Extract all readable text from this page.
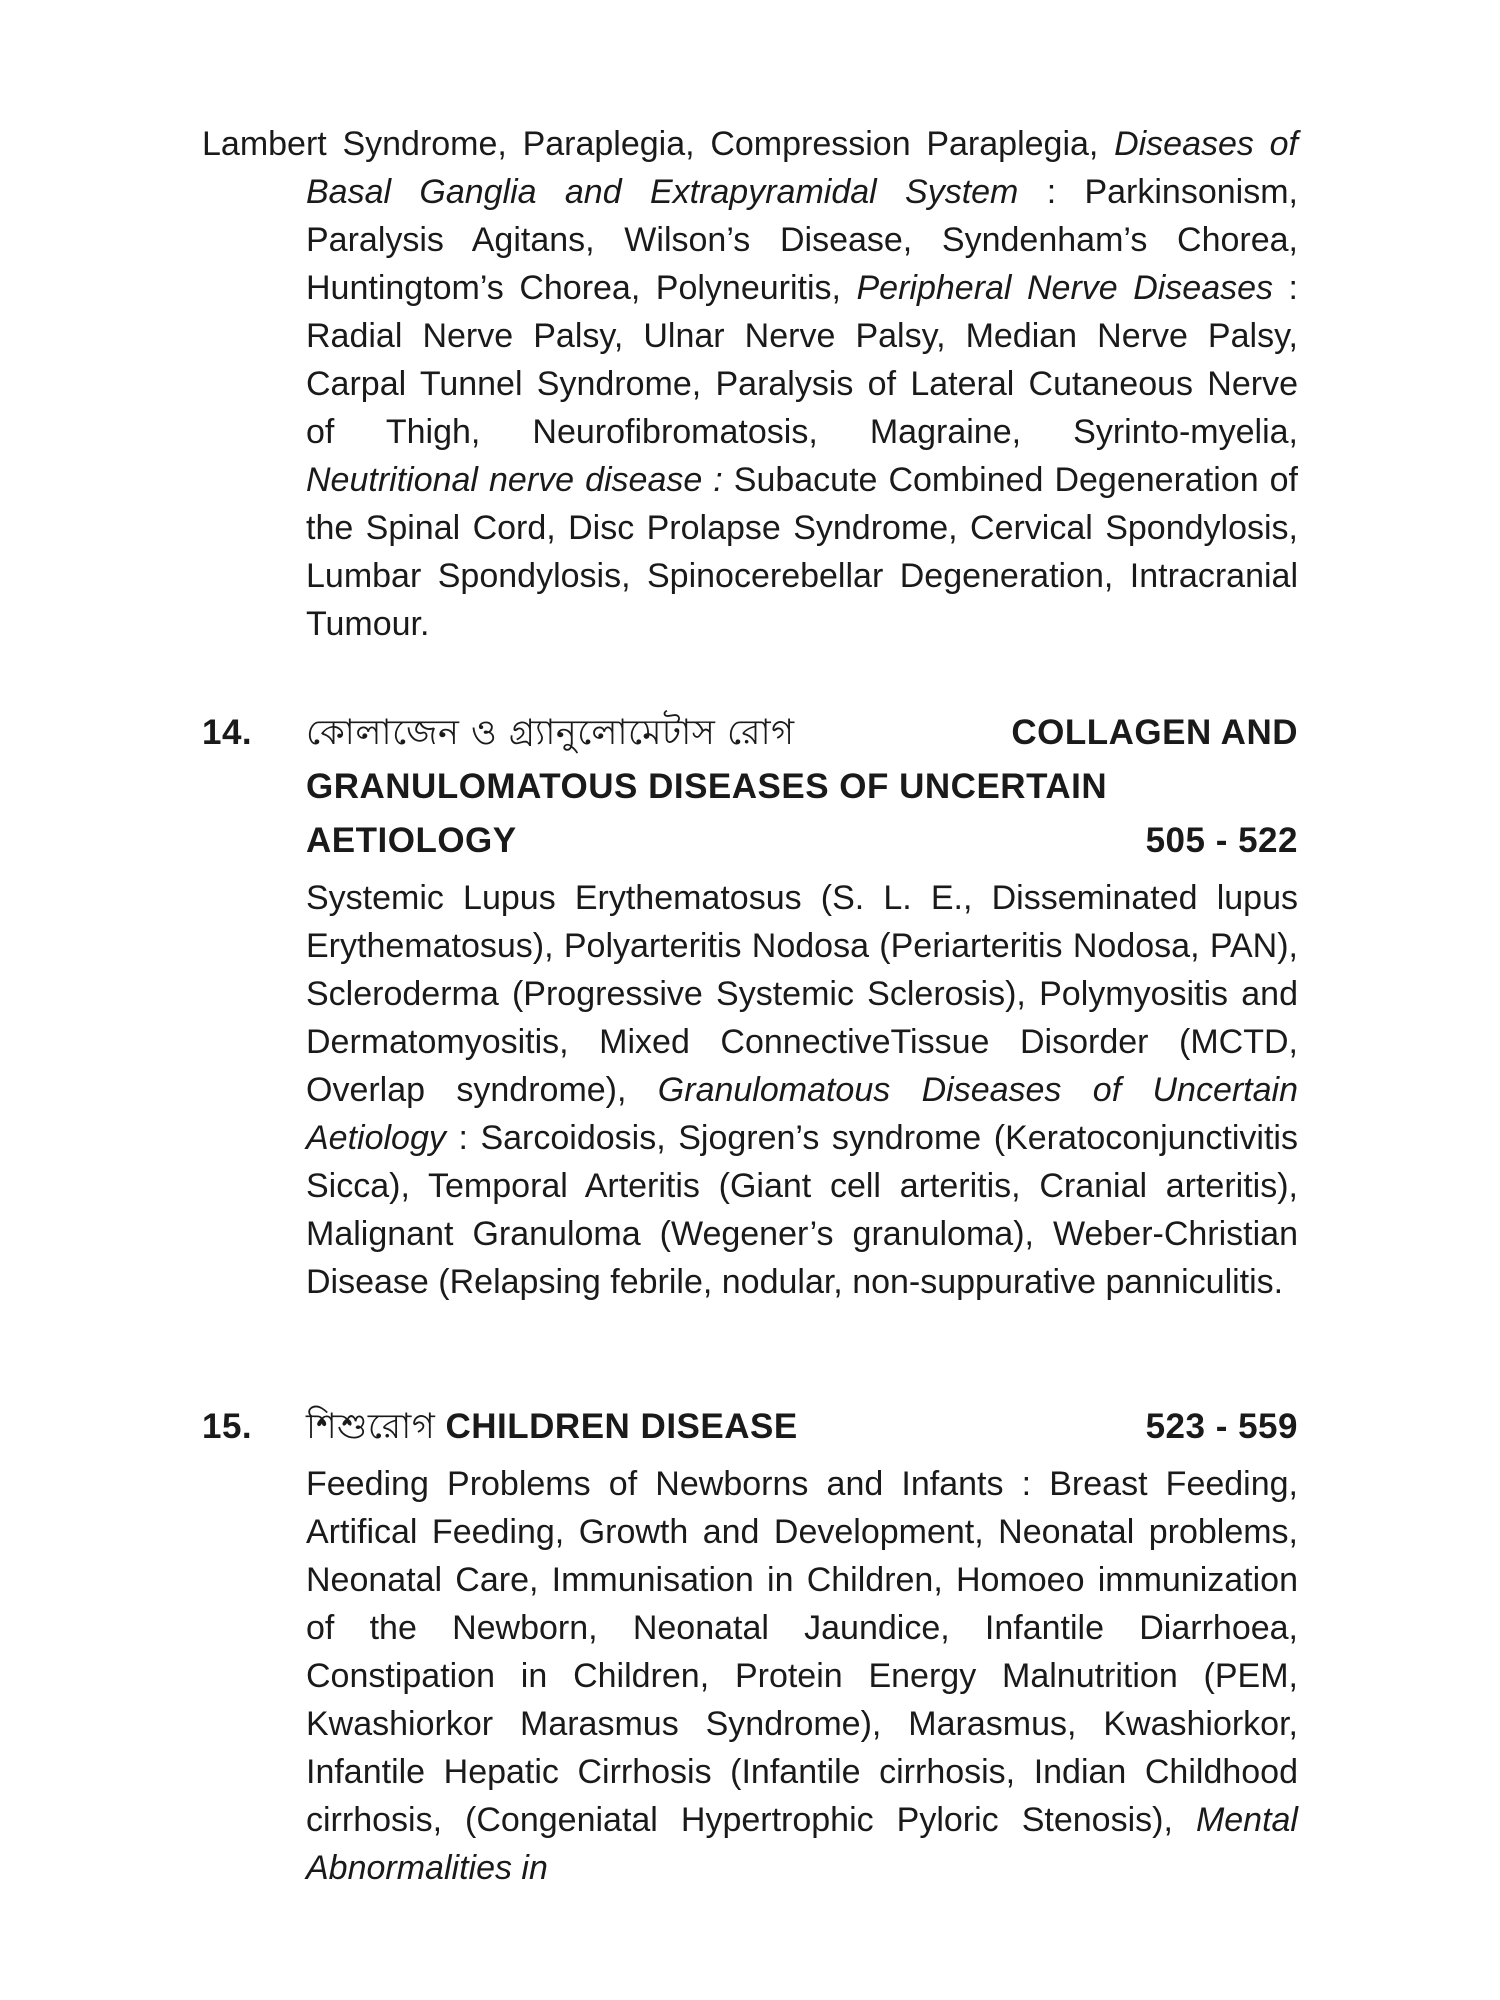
Lambert Syndrome, Paraplegia, Compression Paraplegia, Diseases of Basal Ganglia and Extrapyramidal System : Parkinsonism, Paralysis Agitans, Wilson’s Disease, Syndenham’s Chorea, Huntingtom’s Chorea, Polyneuritis, Peripheral Nerve Diseases : Radial Nerve Palsy, Ulnar Nerve Palsy, Median Nerve Palsy, Carpal Tunnel Syndrome, Paralysis of Lateral Cutaneous Nerve of Thigh, Neurofibromatosis, Magraine, Syrinto-myelia, Neutritional nerve disease : Subacute Combined Degeneration of the Spinal Cord, Disc Prolapse Syndrome, Cervical Spondylosis, Lumbar Spondylosis, Spinocerebellar Degeneration, Intracranial Tumour.

14. কোলাজেন ও গ্র্যানুলোমেটাস রোগ	COLLAGEN AND
GRANULOMATOUS DISEASES OF UNCERTAIN
AETIOLOGY	505 - 522

Systemic Lupus Erythematosus (S. L. E., Disseminated lupus Erythematosus), Polyarteritis Nodosa (Periarteritis Nodosa, PAN), Scleroderma (Progressive Systemic Sclerosis), Polymyositis and Dermatomyositis, Mixed ConnectiveTissue Disorder (MCTD, Overlap syndrome), Granulomatous Diseases of Uncertain Aetiology : Sarcoidosis, Sjogren’s syndrome (Keratoconjunctivitis Sicca), Temporal Arteritis (Giant cell arteritis, Cranial arteritis), Malignant Granuloma (Wegener’s granuloma), Weber-Christian Disease (Relapsing febrile, nodular, non-suppurative panniculitis.

15. শিশুরোগ CHILDREN DISEASE	523 - 559

Feeding Problems of Newborns and Infants : Breast Feeding, Artifical Feeding, Growth and Development, Neonatal problems, Neonatal Care, Immunisation in Children, Homoeo immunization of the Newborn, Neonatal Jaundice, Infantile Diarrhoea, Constipation in Children, Protein Energy Malnutrition (PEM, Kwashiorkor Marasmus Syndrome), Marasmus, Kwashiorkor, Infantile Hepatic Cirrhosis (Infantile cirrhosis, Indian Childhood cirrhosis, (Congeniatal Hypertrophic Pyloric Stenosis), Mental Abnormalities in
